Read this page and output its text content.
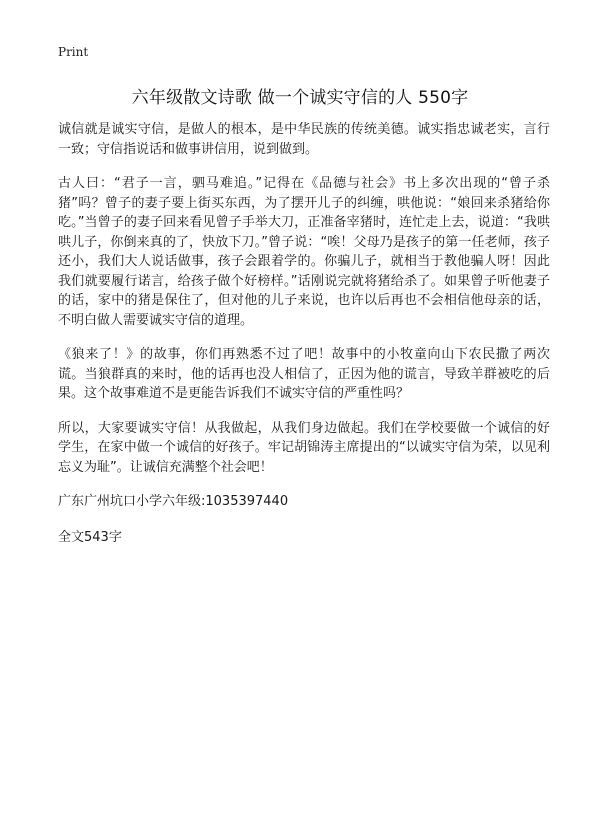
Print
六年级散文诗歌 做一个诚实守信的人 550字

诚信就是诚实守信，是做人的根本，是中华民族的传统美德。诚实指忠诚老实，言行一致；守信指说话和做事讲信用，说到做到。

古人曰：“君子一言，驷马难追。”记得在《品德与社会》书上多次出现的“曾子杀猪”吗？曾子的妻子要上街买东西，为了摆开儿子的纠缠，哄他说：“娘回来杀猪给你吃。”当曾子的妻子回来看见曾子手举大刀，正准备宰猪时，连忙走上去，说道：“我哄哄儿子，你倒来真的了，快放下刀。”曾子说：“唉！父母乃是孩子的第一任老师，孩子还小，我们大人说话做事，孩子会跟着学的。你骗儿子，就相当于教他骗人呀！因此我们就要履行诺言，给孩子做个好榜样。”话刚说完就将猪给杀了。如果曾子听他妻子的话，家中的猪是保住了，但对他的儿子来说，也许以后再也不会相信他母亲的话，不明白做人需要诚实守信的道理。

《狼来了！》的故事，你们再熟悉不过了吧！故事中的小牧童向山下农民撒了两次谎。当狼群真的来时，他的话再也没人相信了，正因为他的谎言，导致羊群被吃的后果。这个故事难道不是更能告诉我们不诚实守信的严重性吗？

所以，大家要诚实守信！从我做起，从我们身边做起。我们在学校要做一个诚信的好学生，在家中做一个诚信的好孩子。牢记胡锦涛主席提出的“以诚实守信为荣，以见利忘义为耻”。让诚信充满整个社会吧！

广东广州坑口小学六年级:1035397440

全文543字
